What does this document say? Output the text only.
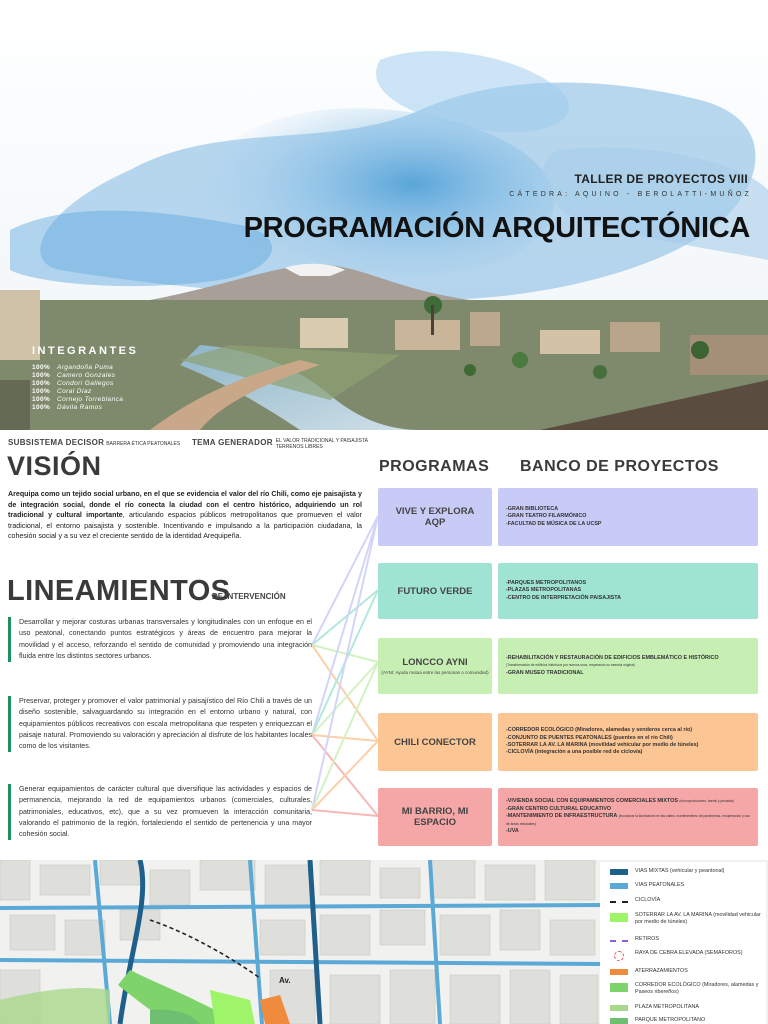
TALLER DE PROYECTOS VIII
CÁTEDRA: AQUINO - BEROLATTI-MUÑOZ
PROGRAMACIÓN ARQUITECTÓNICA
INTEGRANTES
100% Argandoña Puma
100% Camero Gonzales
100% Condori Gallegos
100% Coral Díaz
100% Cornejo Torreblanca
100% Dávila Ramos
SUBSISTEMA DECISOR BARRERA ÉTICA PEATONALES TEMA GENERADOR EL VALOR TRADICIONAL Y PAISAJISTA
TERRENOS LIBRES
VISIÓN
Arequipa como un tejido social urbano, en el que se evidencia el valor del río Chili, como eje paisajista y de integración social, donde el río conecta la ciudad con el centro histórico, adquiriendo un rol tradicional y cultural importante, articulando espacios públicos metropolitanos que promueven el valor tradicional, el entorno paisajista y sostenible. Incentivando e impulsando a la participación ciudadana, la cohesión social y a su vez el creciente sentido de la identidad Arequipeña.
LINEAMIENTOS
DE INTERVENCIÓN
Desarrollar y mejorar costuras urbanas transversales y longitudinales con un enfoque en el uso peatonal, conectando puntos estratégicos y áreas de encuentro para mejorar la movilidad y el acceso, reforzando el sentido de comunidad y promoviendo una integración fluida entre los distintos sectores urbanos.
Preservar, proteger y promover el valor patrimonial y paisajístico del Río Chili a través de un diseño sostenible, salvaguardando su integración en el entorno urbano y natural, con equipamientos públicos recreativos con escala metropolitana que respeten y enriquezcan el paisaje natural. Promoviendo su valoración y apreciación al disfrute de los habitantes locales como de los visitantes.
Generar equipamientos de carácter cultural que diversifique las actividades y espacios de permanencia, mejorando la red de equipamientos urbanos (comerciales, culturales, patrimoniales, educativos, etc), que a su vez promueven la interacción comunitaria, valorando el patrimonio de la región, fortaleciendo el sentido de pertenencia y una mayor cohesión social.
PROGRAMAS BANCO DE PROYECTOS
VIVE Y EXPLORA AQP
FUTURO VERDE
LONCCO AYNI
(AYNI: Ayuda mutua entre las personas o comunidad)
CHILI CONECTOR
MI BARRIO, MI ESPACIO
-GRAN BIBLIOTECA
-GRAN TEATRO FILARMÓNICO
-FACULTAD DE MÚSICA DE LA UCSP
-PARQUES METROPOLITANOS
-PLAZAS METROPOLITANAS
-CENTRO DE INTERPRETACIÓN PAISAJISTA
-REHABILITACIÓN Y RESTAURACIÓN DE EDIFICIOS EMBLEMÁTICO E HISTÓRICO
(Transformación de edificios históricos por nuevos usos, respetando su esencia original)
-GRAN MUSEO TRADICIONAL
-CORREDOR ECOLÓGICO (Miradores, alamedas y senderos cerca al río)
-CONJUNTO DE PUENTES PEATONALES (puentes en el río Chili)
-SOTERRAR LA AV. LA MARINA (movilidad vehicular por medio de túneles)
-CICLOVÍA (integración a una posible red de ciclovía)
-VIVIENDA SOCIAL CON EQUIPAMIENTOS COMERCIALES MIXTOS (microproductores, barrial y privados)
-GRAN CENTRO CULTURAL EDUCATIVO
-MANTENIMIENTO DE INFRAESTRUCTURA (incorporar la iluminación en las calles, mantenimiento de pavimentos, recuperación y uso de áreas residuales)
-UVA
Av.
VIAS MIXTAS (vehicular y peantonal)
VIAS PEATONALES
CICLOVÍA
SOTERRAR LA AV. LA MARINA (movilidad vehicular por medio de túneles)
RETIROS
RAYA DE CEBRA ELEVADA (SEMÁFOROS)
ATERRAZAMIENTOS
CORREDOR ECOLÓGICO (Miradores, alamedas y Paseos ribereños)
PLAZA METROPOLITANA
PARQUE METROPOLITANO
